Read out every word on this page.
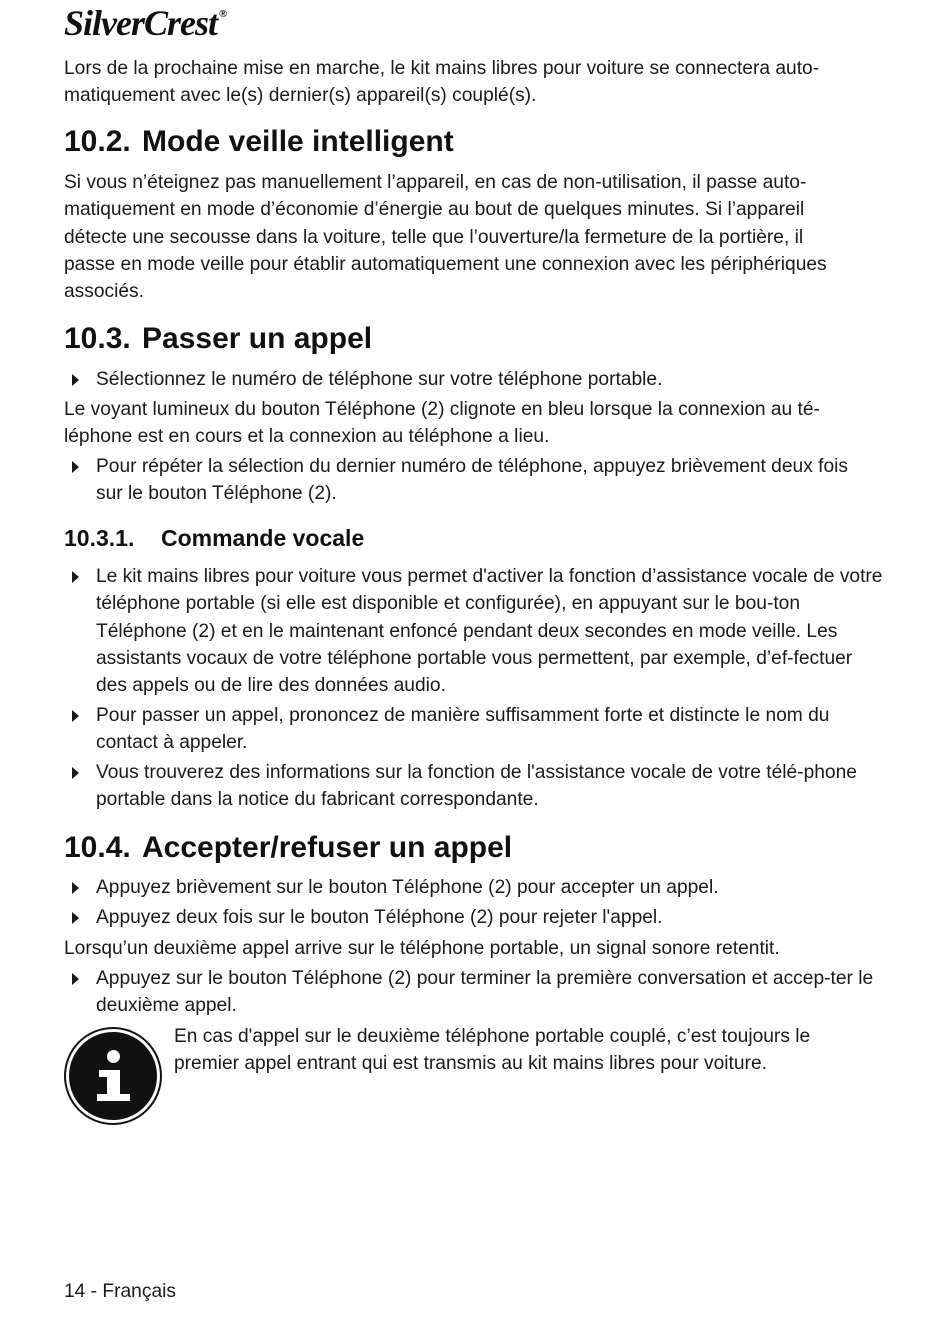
SilverCrest ®

Lors de la prochaine mise en marche, le kit mains libres pour voiture se connectera auto-matiquement avec le(s) dernier(s) appareil(s) couplé(s).

10.2. Mode veille intelligent

Si vous n’éteignez pas manuellement l’appareil, en cas de non-utilisation, il passe auto-matiquement en mode d’économie d’énergie au bout de quelques minutes. Si l’appareil détecte une secousse dans la voiture, telle que l’ouverture/la fermeture de la portière, il passe en mode veille pour établir automatiquement une connexion avec les périphériques associés.

10.3. Passer un appel
Sélectionnez le numéro de téléphone sur votre téléphone portable.

Le voyant lumineux du bouton Téléphone (2) clignote en bleu lorsque la connexion au té-léphone est en cours et la connexion au téléphone a lieu.

Pour répéter la sélection du dernier numéro de téléphone, appuyez brièvement deux fois sur le bouton Téléphone (2).
10.3.1. Commande vocale
Le kit mains libres pour voiture vous permet d'activer la fonction d’assistance vocale de votre téléphone portable (si elle est disponible et configurée), en appuyant sur le bou-ton Téléphone (2) et en le maintenant enfoncé pendant deux secondes en mode veille. Les assistants vocaux de votre téléphone portable vous permettent, par exemple, d’ef-fectuer des appels ou de lire des données audio.
Pour passer un appel, prononcez de manière suffisamment forte et distincte le nom du contact à appeler.
Vous trouverez des informations sur la fonction de l'assistance vocale de votre télé-phone portable dans la notice du fabricant correspondante.
10.4. Accepter/refuser un appel
Appuyez brièvement sur le bouton Téléphone (2) pour accepter un appel.
Appuyez deux fois sur le bouton Téléphone (2) pour rejeter l'appel.

Lorsqu’un deuxième appel arrive sur le téléphone portable, un signal sonore retentit.

Appuyez sur le bouton Téléphone (2) pour terminer la première conversation et accep-ter le deuxième appel.

En cas d'appel sur le deuxième téléphone portable couplé, c’est toujours le premier appel entrant qui est transmis au kit mains libres pour voiture.

14 - Français
